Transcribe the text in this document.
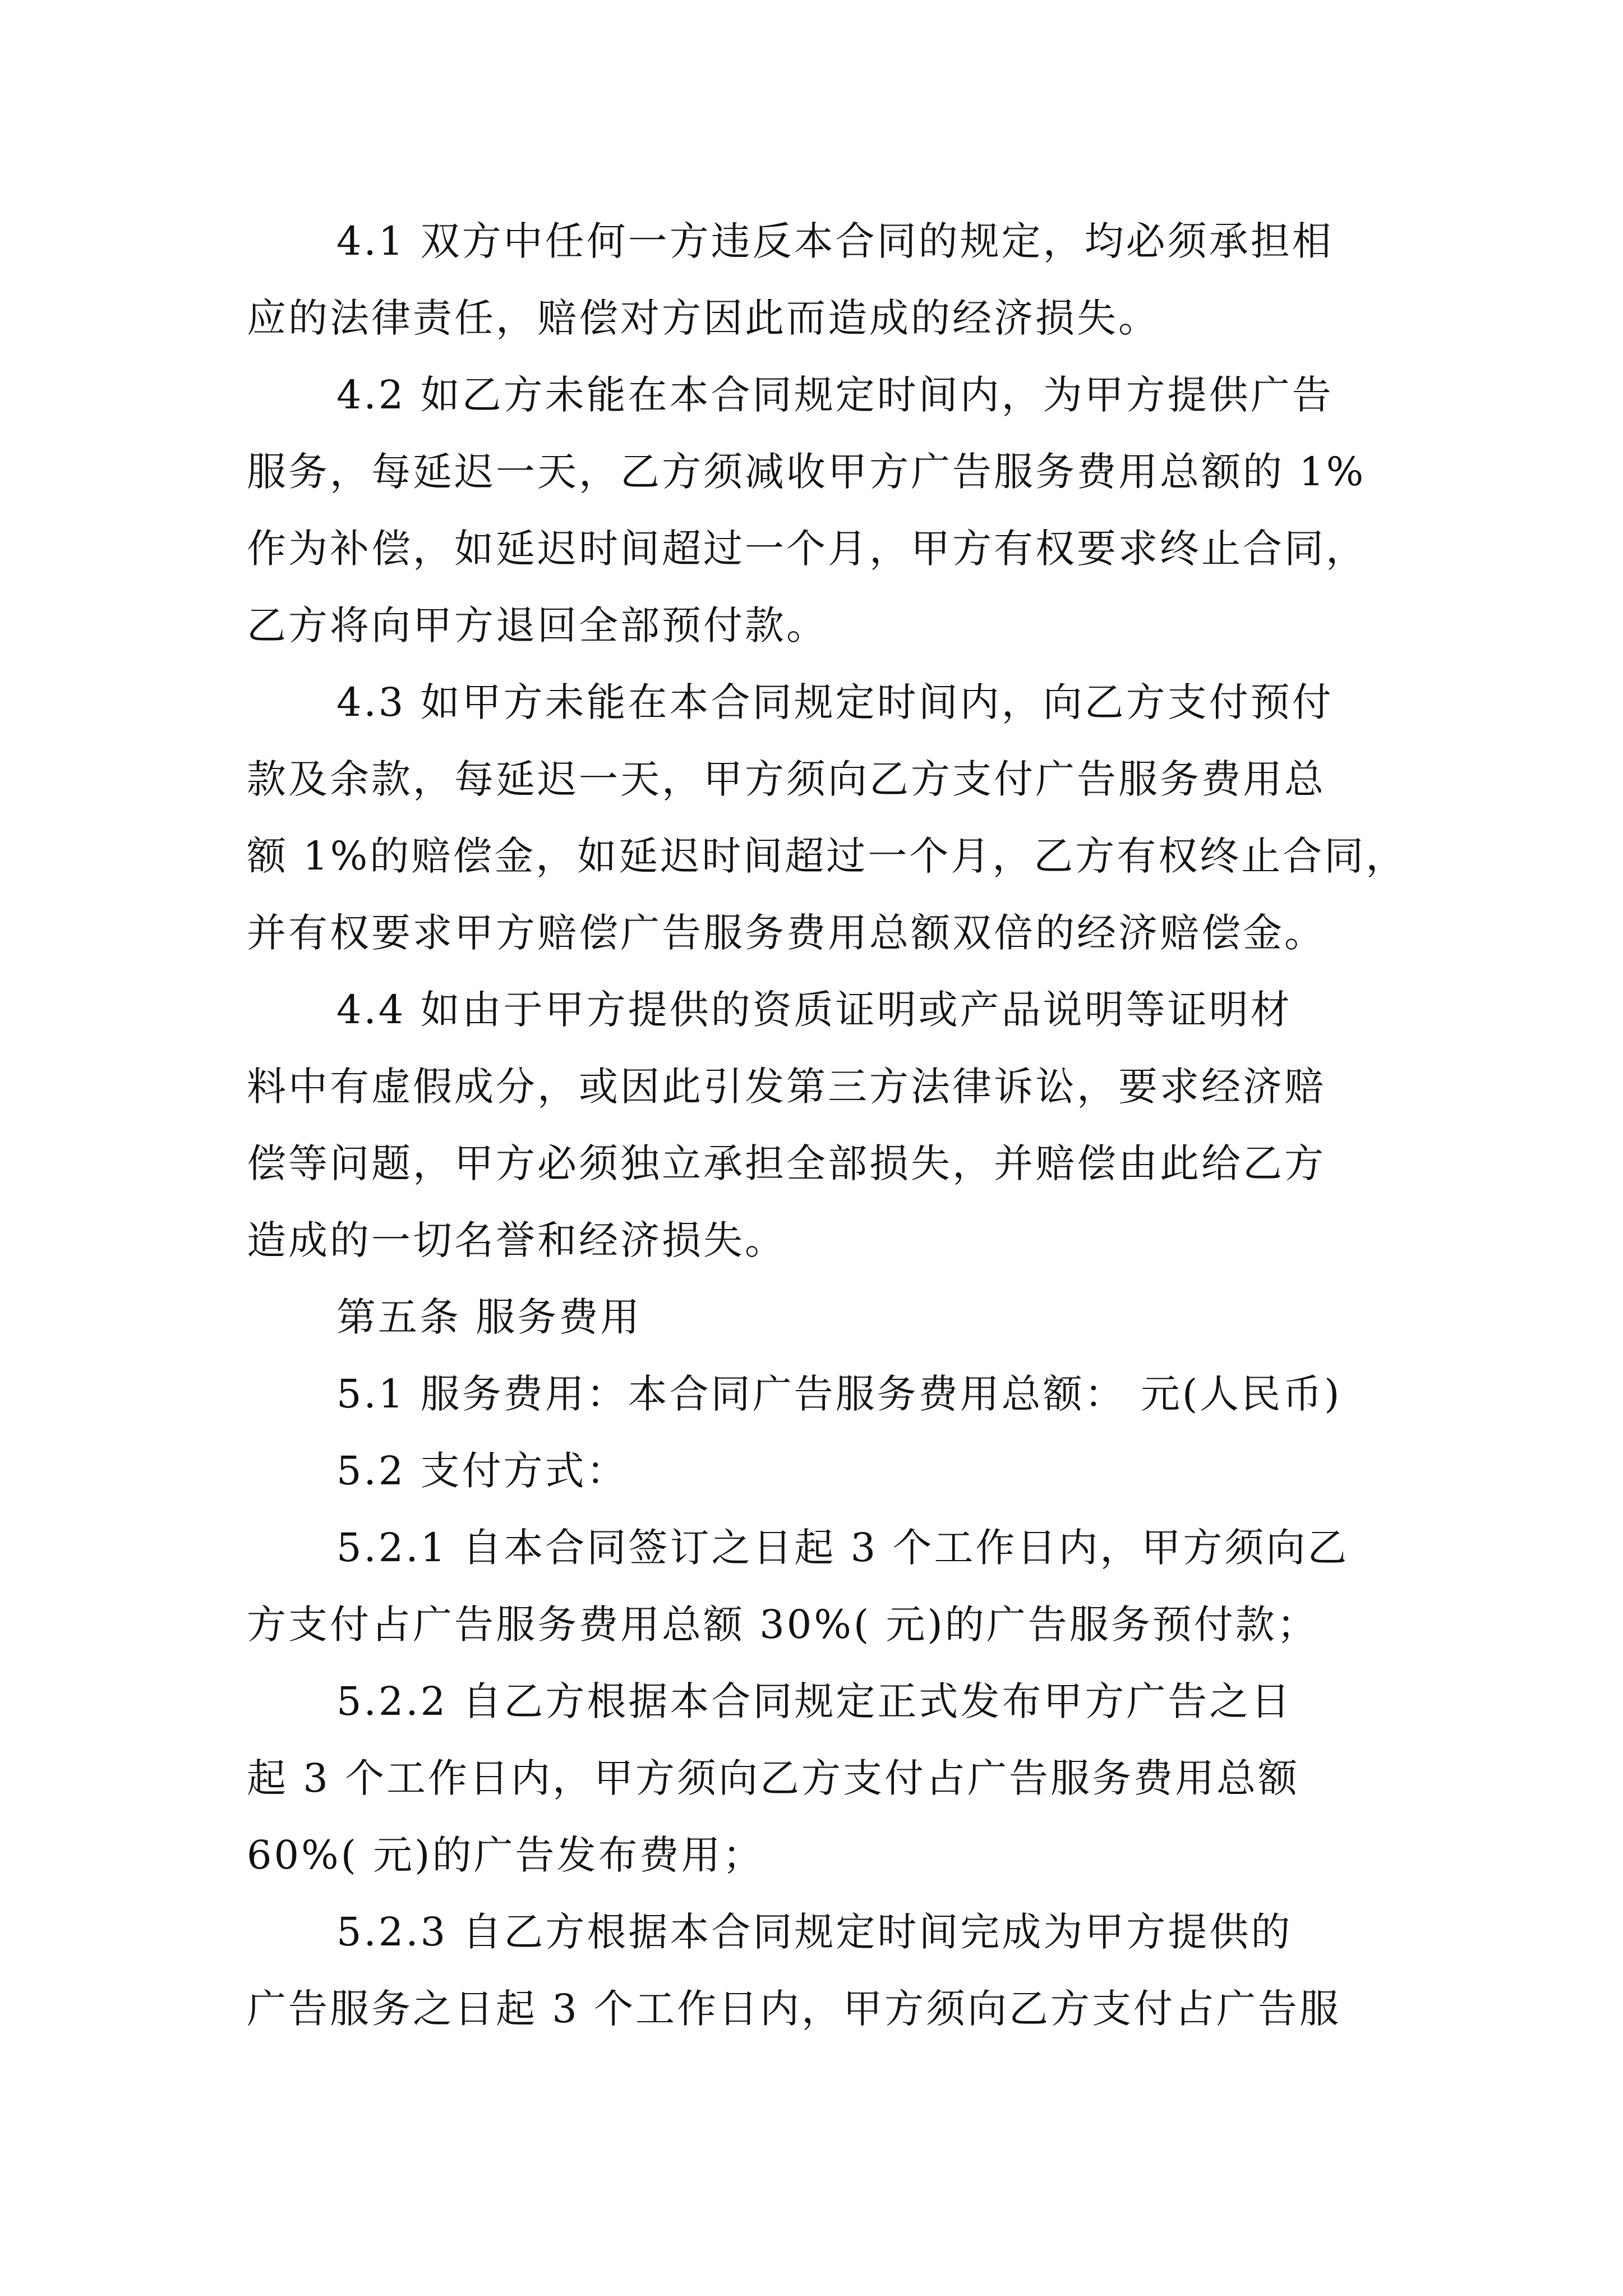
4.1 双方中任何一方违反本合同的规定，均必须承担相

应的法律责任，赔偿对方因此而造成的经济损失。

4.2 如乙方未能在本合同规定时间内，为甲方提供广告

服务，每延迟一天，乙方须减收甲方广告服务费用总额的 1%

作为补偿，如延迟时间超过一个月，甲方有权要求终止合同，

乙方将向甲方退回全部预付款。

4.3 如甲方未能在本合同规定时间内，向乙方支付预付

款及余款，每延迟一天，甲方须向乙方支付广告服务费用总

额 1%的赔偿金，如延迟时间超过一个月，乙方有权终止合同，

并有权要求甲方赔偿广告服务费用总额双倍的经济赔偿金。

4.4 如由于甲方提供的资质证明或产品说明等证明材

料中有虚假成分，或因此引发第三方法律诉讼，要求经济赔

偿等问题，甲方必须独立承担全部损失，并赔偿由此给乙方

造成的一切名誉和经济损失。

第五条 服务费用

5.1 服务费用：本合同广告服务费用总额： 元(人民币)

5.2 支付方式：

5.2.1 自本合同签订之日起 3 个工作日内，甲方须向乙

方支付占广告服务费用总额 30%( 元)的广告服务预付款；

5.2.2 自乙方根据本合同规定正式发布甲方广告之日

起 3 个工作日内，甲方须向乙方支付占广告服务费用总额

60%( 元)的广告发布费用；

5.2.3 自乙方根据本合同规定时间完成为甲方提供的

广告服务之日起 3 个工作日内，甲方须向乙方支付占广告服
